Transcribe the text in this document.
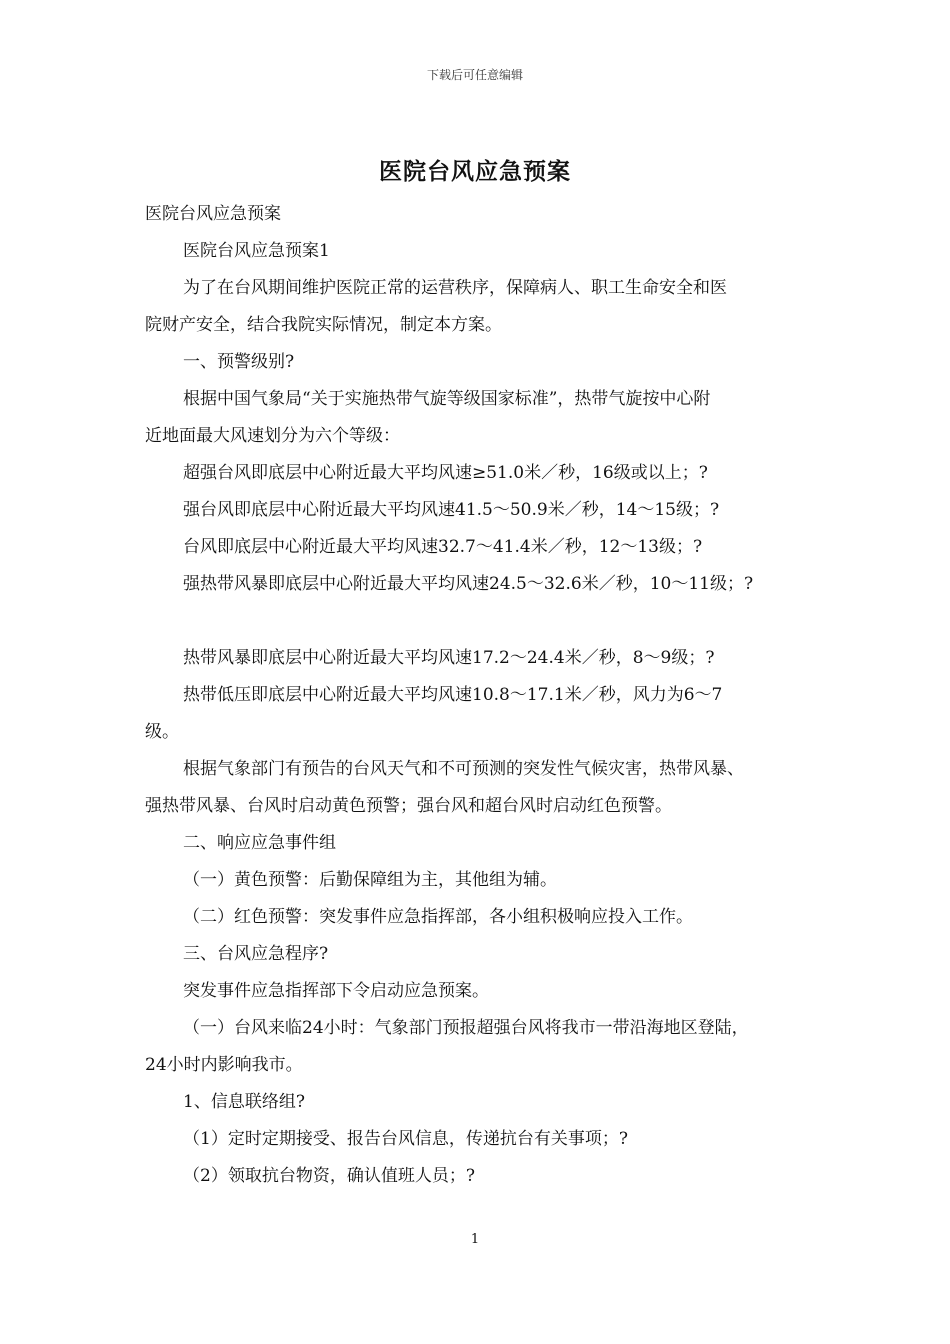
下载后可任意编辑
医院台风应急预案
医院台风应急预案
医院台风应急预案1
为了在台风期间维护医院正常的运营秩序，保障病人、职工生命安全和医
院财产安全，结合我院实际情况，制定本方案。
一、预警级别?
根据中国气象局“关于实施热带气旋等级国家标准”，热带气旋按中心附
近地面最大风速划分为六个等级：
超强台风即底层中心附近最大平均风速≥51.0米／秒，16级或以上；?
强台风即底层中心附近最大平均风速41.5～50.9米／秒，14～15级；?
台风即底层中心附近最大平均风速32.7～41.4米／秒，12～13级；?
强热带风暴即底层中心附近最大平均风速24.5～32.6米／秒，10～11级；?
热带风暴即底层中心附近最大平均风速17.2～24.4米／秒，8～9级；?
热带低压即底层中心附近最大平均风速10.8～17.1米／秒，风力为6～7
级。
根据气象部门有预告的台风天气和不可预测的突发性气候灾害，热带风暴、
强热带风暴、台风时启动黄色预警；强台风和超台风时启动红色预警。
二、响应应急事件组
（一）黄色预警：后勤保障组为主，其他组为辅。
（二）红色预警：突发事件应急指挥部，各小组积极响应投入工作。
三、台风应急程序?
突发事件应急指挥部下令启动应急预案。
（一）台风来临24小时：气象部门预报超强台风将我市一带沿海地区登陆，
24小时内影响我市。
1、信息联络组?
（1）定时定期接受、报告台风信息，传递抗台有关事项；?
（2）领取抗台物资，确认值班人员；?
1
